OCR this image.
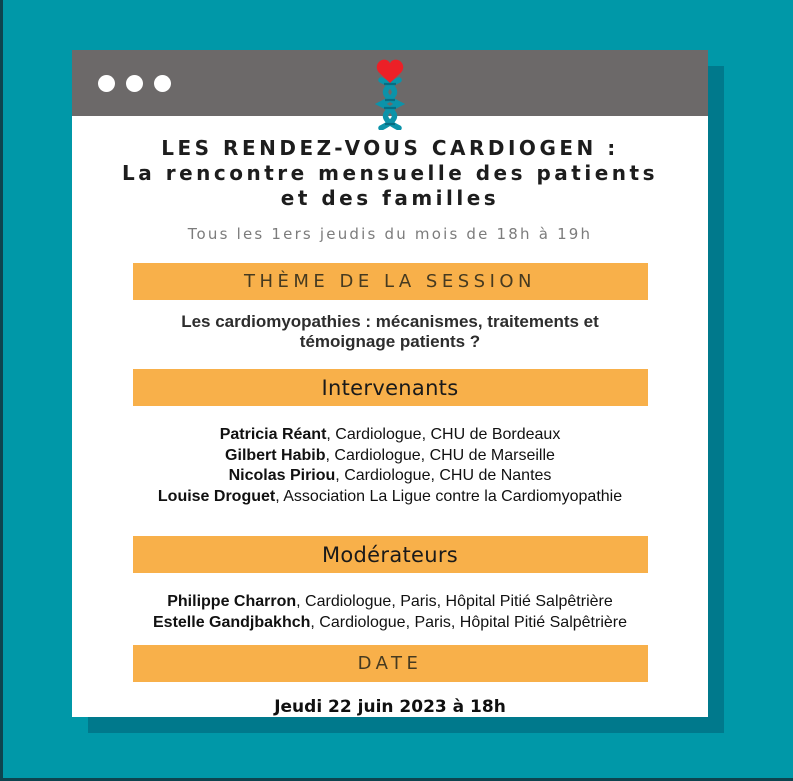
LES RENDEZ-VOUS CARDIOGEN :
La rencontre mensuelle des patients
et des familles
Tous les 1ers jeudis du mois de 18h à 19h
THÈME DE LA SESSION
Les cardiomyopathies : mécanismes, traitements et
témoignage patients ?
Intervenants
Patricia Réant, Cardiologue, CHU de Bordeaux
Gilbert Habib, Cardiologue, CHU de Marseille
Nicolas Piriou, Cardiologue, CHU de Nantes
Louise Droguet, Association La Ligue contre la Cardiomyopathie
Modérateurs
Philippe Charron, Cardiologue, Paris, Hôpital Pitié Salpêtrière
Estelle Gandjbakhch, Cardiologue, Paris, Hôpital Pitié Salpêtrière
DATE
Jeudi 22 juin 2023 à 18h
